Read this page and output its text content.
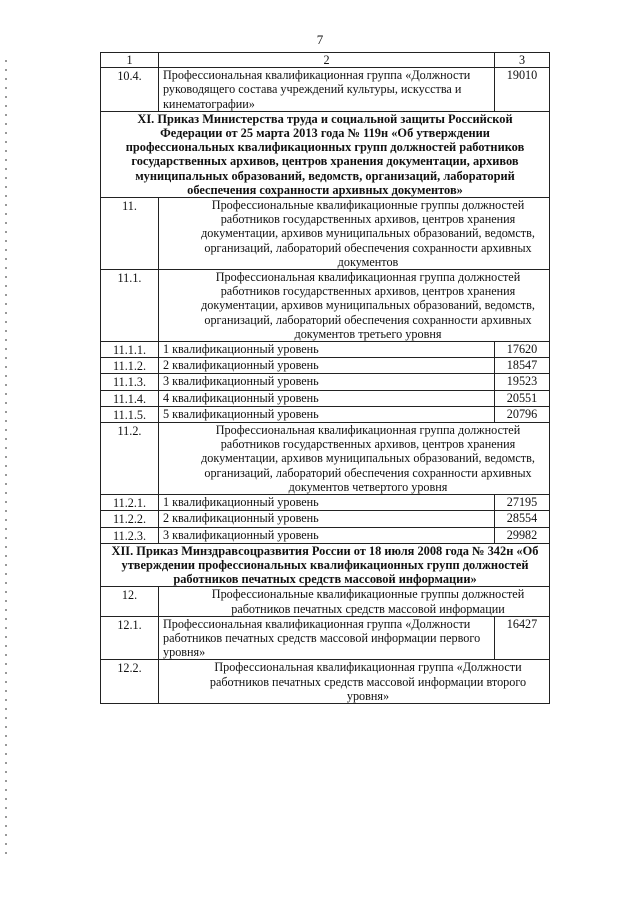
7
1	2	3
10.4.	Профессиональная квалификационная группа «Должности руководящего состава учреждений культуры, искусства и кинематографии»	19010
XI. Приказ Министерства труда и социальной защиты Российской Федерации от 25 марта 2013 года № 119н «Об утверждении профессиональных квалификационных групп должностей работников государственных архивов, центров хранения документации, архивов муниципальных образований, ведомств, организаций, лабораторий обеспечения сохранности архивных документов»		
11.	Профессиональные квалификационные группы должностей работников государственных архивов, центров хранения документации, архивов муниципальных образований, ведомств, организаций, лабораторий обеспечения сохранности архивных документов	
11.1.	Профессиональная квалификационная группа должностей работников государственных архивов, центров хранения документации, архивов муниципальных образований, ведомств, организаций, лабораторий обеспечения сохранности архивных документов третьего уровня	
11.1.1.	1 квалификационный уровень	17620
11.1.2.	2 квалификационный уровень	18547
11.1.3.	3 квалификационный уровень	19523
11.1.4.	4 квалификационный уровень	20551
11.1.5.	5 квалификационный уровень	20796
11.2.	Профессиональная квалификационная группа должностей работников государственных архивов, центров хранения документации, архивов муниципальных образований, ведомств, организаций, лабораторий обеспечения сохранности архивных документов четвертого уровня	
11.2.1.	1 квалификационный уровень	27195
11.2.2.	2 квалификационный уровень	28554
11.2.3.	3 квалификационный уровень	29982
XII. Приказ Минздравсоцразвития России от 18 июля 2008 года № 342н «Об утверждении профессиональных квалификационных групп должностей работников печатных средств массовой информации»		
12.	Профессиональные квалификационные группы должностей работников печатных средств массовой информации	
12.1.	Профессиональная квалификационная группа «Должности работников печатных средств массовой информации первого уровня»	16427
12.2.	Профессиональная квалификационная группа «Должности работников печатных средств массовой информации второго уровня»	
